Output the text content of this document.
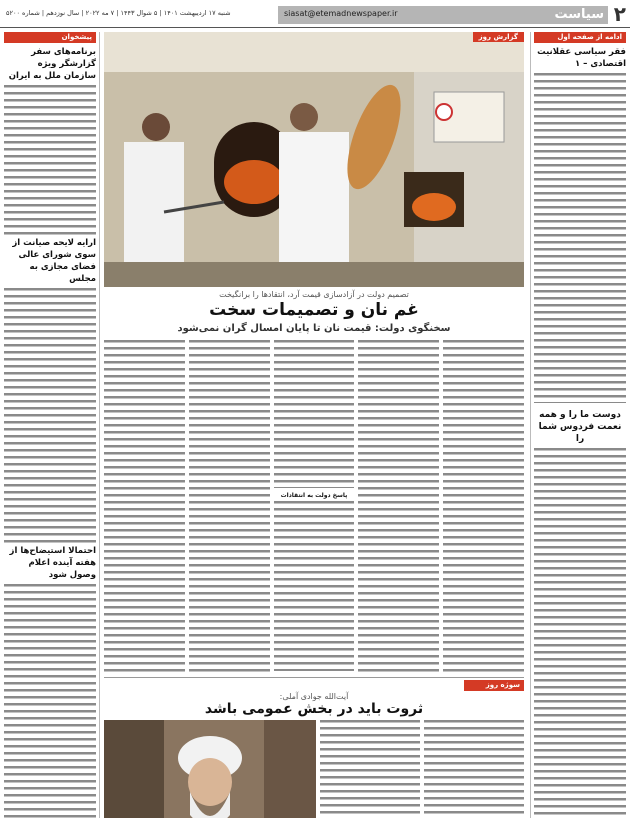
۲
سیاست
siasat@etemadnewspaper.ir
شنبه ۱۷ اردیبهشت ۱۴۰۱ | ۵ شوال ۱۴۴۳ | ۷ مه ۲۰۲۲ | سال نوزدهم | شماره ۵۲۰۰
ادامه از صفحه اول
فقر سیاسی عقلانیت اقتصادی – ۱
دوست ما را و همه نعمت فردوس شما را
پیشخوان
برنامه‌های سفر گزارشگر ویژه سازمان ملل به ایران
ارایه لایحه صیانت از سوی شورای عالی فضای مجازی به مجلس
احتمالا استیضاح‌ها از هفته آینده اعلام وصول شود
گزارش روز
تصمیم دولت در آزادسازی قیمت آرد، انتقادها را برانگیخت
غم نان و تصمیمات سخت
سخنگوی دولت: قیمت نان تا پایان امسال گران نمی‌شود
پاسخ دولت به انتقادات
سوژه روز
آیت‌الله جوادی آملی:
ثروت باید در بخش عمومی باشد
